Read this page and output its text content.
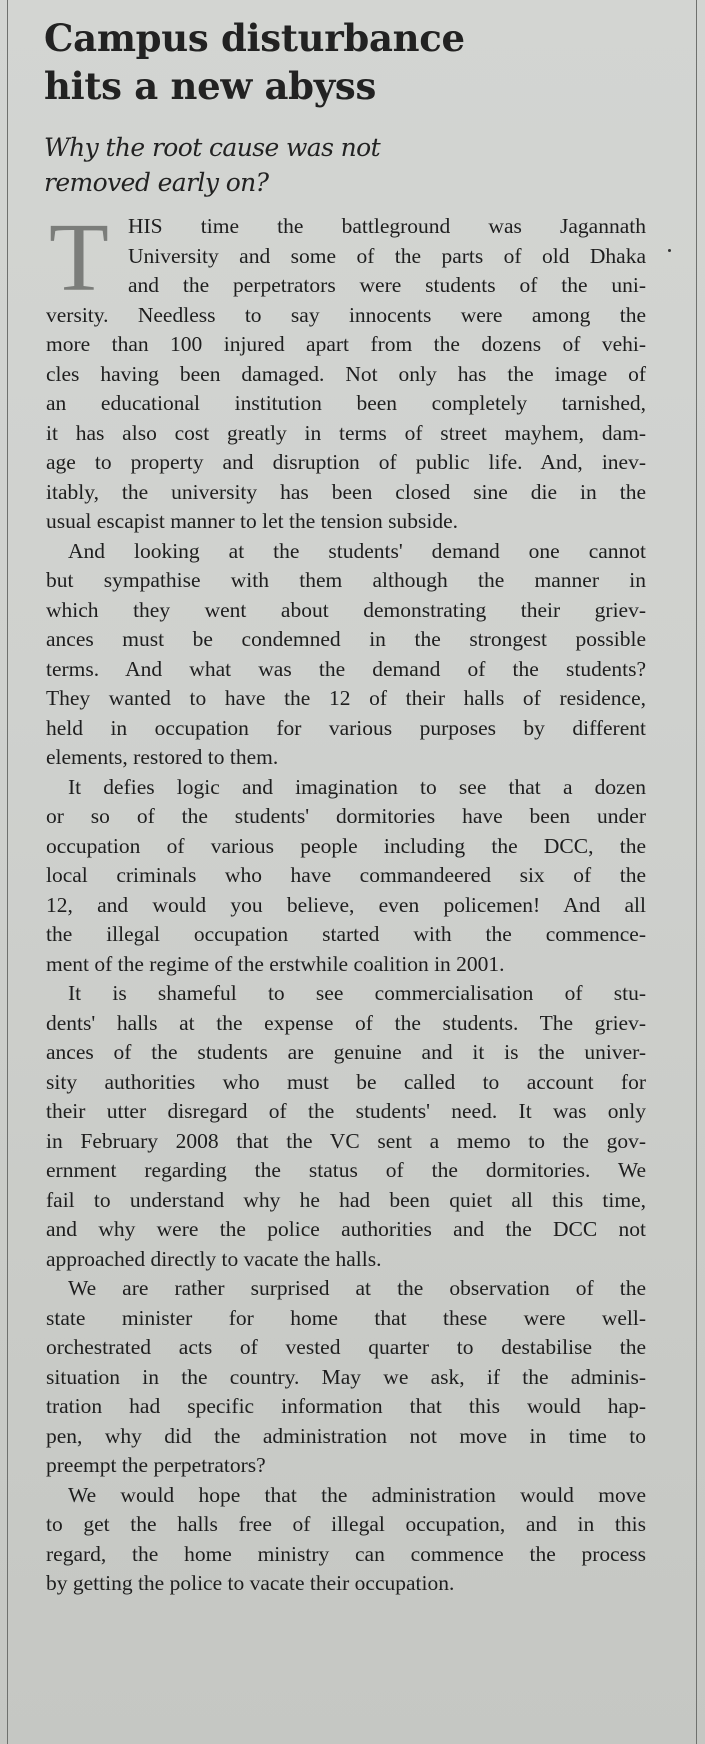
Campus disturbance
hits a new abyss
Why the root cause was not
removed early on?
T HIS time the battleground was Jagannath
University and some of the parts of old Dhaka
and the perpetrators were students of the uni-
versity. Needless to say innocents were among the
more than 100 injured apart from the dozens of vehi-
cles having been damaged. Not only has the image of
an educational institution been completely tarnished,
it has also cost greatly in terms of street mayhem, dam-
age to property and disruption of public life. And, inev-
itably, the university has been closed sine die in the
usual escapist manner to let the tension subside.
And looking at the students' demand one cannot
but sympathise with them although the manner in
which they went about demonstrating their griev-
ances must be condemned in the strongest possible
terms. And what was the demand of the students?
They wanted to have the 12 of their halls of residence,
held in occupation for various purposes by different
elements, restored to them.
It defies logic and imagination to see that a dozen
or so of the students' dormitories have been under
occupation of various people including the DCC, the
local criminals who have commandeered six of the
12, and would you believe, even policemen! And all
the illegal occupation started with the commence-
ment of the regime of the erstwhile coalition in 2001.
It is shameful to see commercialisation of stu-
dents' halls at the expense of the students. The griev-
ances of the students are genuine and it is the univer-
sity authorities who must be called to account for
their utter disregard of the students' need. It was only
in February 2008 that the VC sent a memo to the gov-
ernment regarding the status of the dormitories. We
fail to understand why he had been quiet all this time,
and why were the police authorities and the DCC not
approached directly to vacate the halls.
We are rather surprised at the observation of the
state minister for home that these were well-
orchestrated acts of vested quarter to destabilise the
situation in the country. May we ask, if the adminis-
tration had specific information that this would hap-
pen, why did the administration not move in time to
preempt the perpetrators?
We would hope that the administration would move
to get the halls free of illegal occupation, and in this
regard, the home ministry can commence the process
by getting the police to vacate their occupation.
